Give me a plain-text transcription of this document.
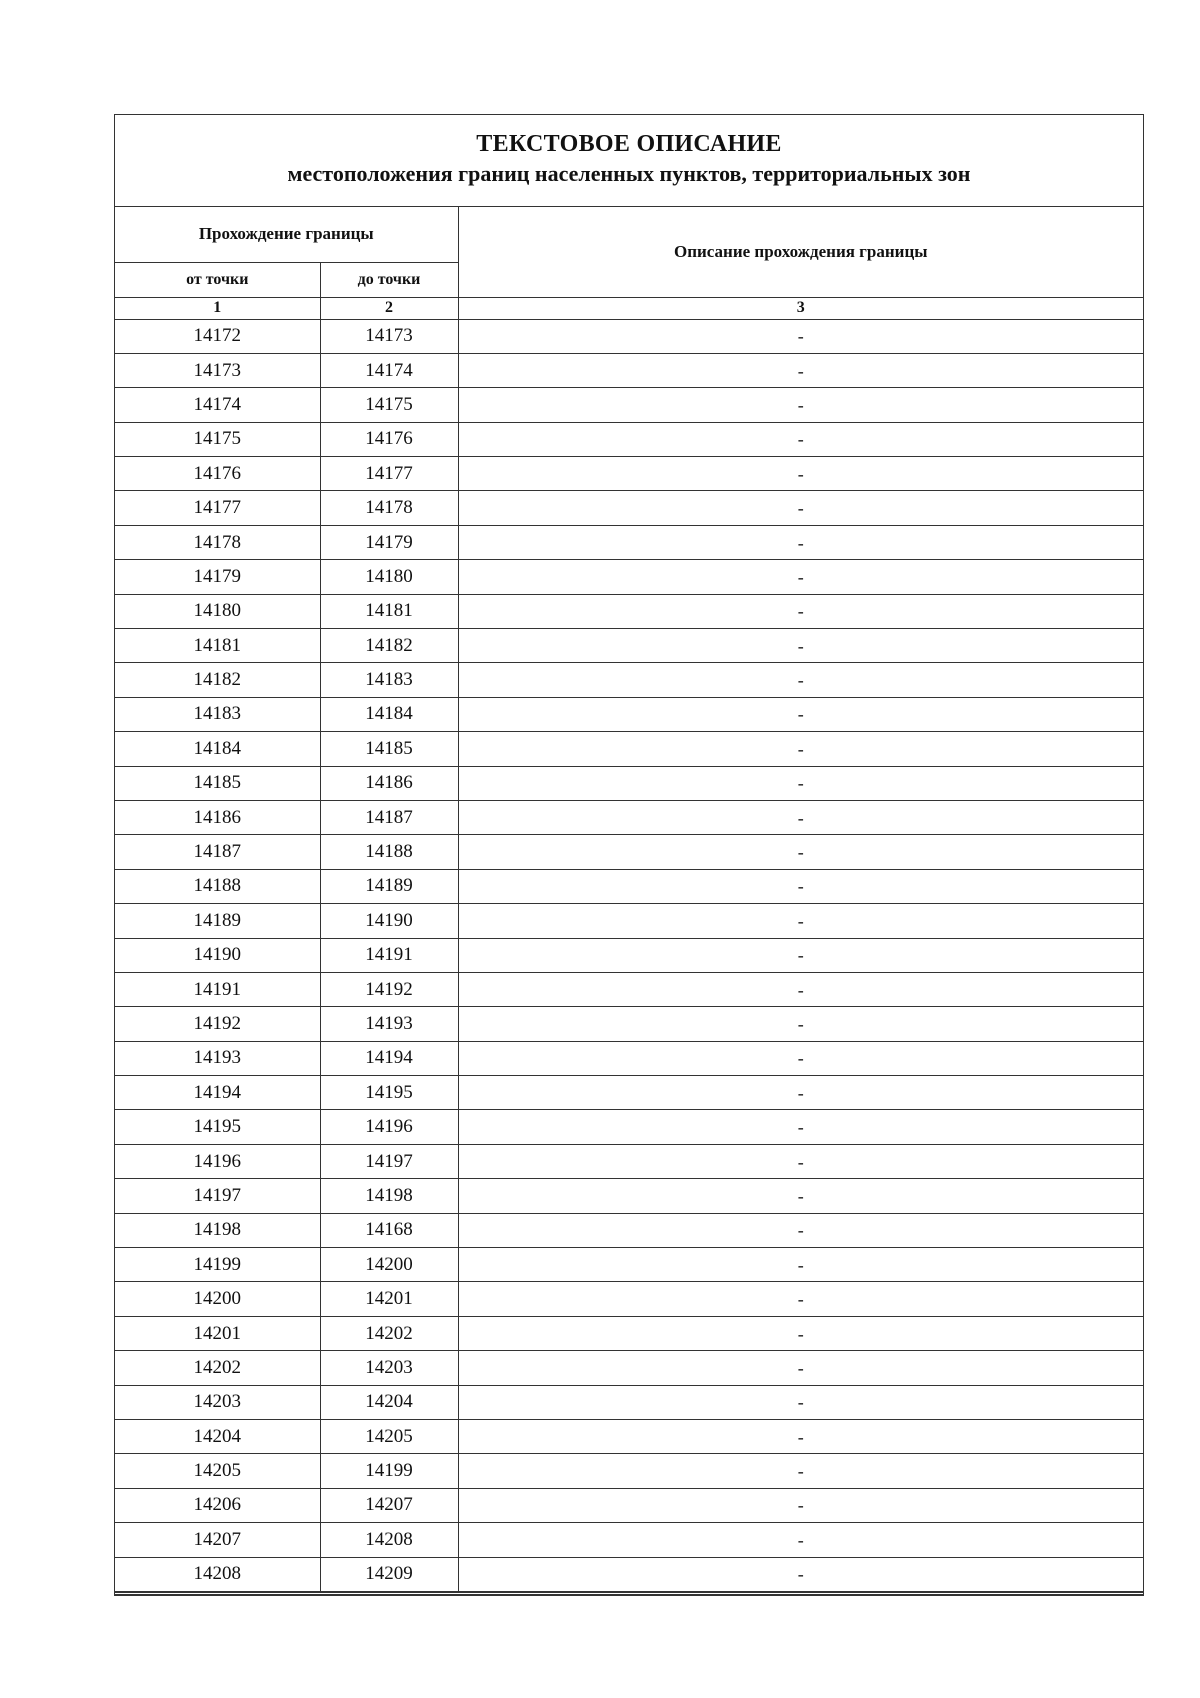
ТЕКСТОВОЕ ОПИСАНИЕ
местоположения границ населенных пунктов, территориальных зон
Прохождение границы		Описание прохождения границы
от точки	до точки	
1	2	3
14172	14173	-
14173	14174	-
14174	14175	-
14175	14176	-
14176	14177	-
14177	14178	-
14178	14179	-
14179	14180	-
14180	14181	-
14181	14182	-
14182	14183	-
14183	14184	-
14184	14185	-
14185	14186	-
14186	14187	-
14187	14188	-
14188	14189	-
14189	14190	-
14190	14191	-
14191	14192	-
14192	14193	-
14193	14194	-
14194	14195	-
14195	14196	-
14196	14197	-
14197	14198	-
14198	14168	-
14199	14200	-
14200	14201	-
14201	14202	-
14202	14203	-
14203	14204	-
14204	14205	-
14205	14199	-
14206	14207	-
14207	14208	-
14208	14209	-
